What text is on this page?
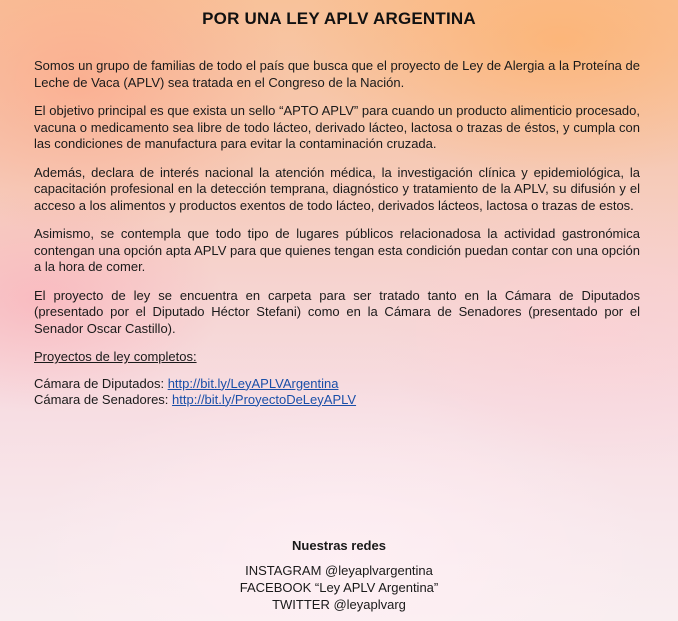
POR UNA LEY APLV ARGENTINA

Somos un grupo de familias de todo el país que busca que el proyecto de Ley de Alergia a la Proteína de Leche de Vaca (APLV) sea tratada en el Congreso de la Nación.

El objetivo principal es que exista un sello “APTO APLV” para cuando un producto alimenticio procesado, vacuna o medicamento sea libre de todo lácteo, derivado lácteo, lactosa o trazas de éstos, y cumpla con las condiciones de manufactura para evitar la contaminación cruzada.

Además, declara de interés nacional la atención médica, la investigación clínica y epidemiológica, la capacitación profesional en la detección temprana, diagnóstico y tratamiento de la APLV, su difusión y el acceso a los alimentos y productos exentos de todo lácteo, derivados lácteos, lactosa o trazas de estos.

Asimismo, se contempla que todo tipo de lugares públicos relacionadosa la actividad gastronómica contengan una opción apta APLV para que quienes tengan esta condición puedan contar con una opción a la hora de comer.

El proyecto de ley se encuentra en carpeta para ser tratado tanto en la Cámara de Diputados (presentado por el Diputado Héctor Stefani) como en la Cámara de Senadores (presentado por el Senador Oscar Castillo).

Proyectos de ley completos:

Cámara de Diputados: http://bit.ly/LeyAPLVArgentina

Cámara de Senadores: http://bit.ly/ProyectoDeLeyAPLV

Nuestras redes
INSTAGRAM @leyaplvargentina
FACEBOOK “Ley APLV Argentina”
TWITTER @leyaplvarg
